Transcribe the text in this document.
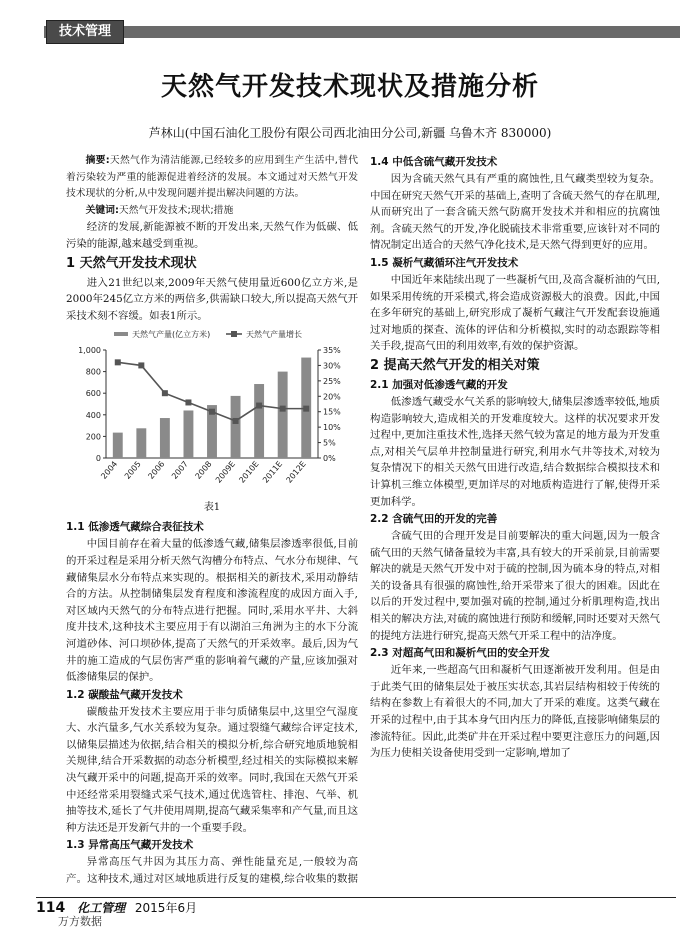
技术管理
天然气开发技术现状及措施分析
芦林山(中国石油化工股份有限公司西北油田分公司,新疆 乌鲁木齐 830000)

摘要:天然气作为清洁能源,已经较多的应用到生产生活中,替代着污染较为严重的能源促进着经济的发展。本文通过对天然气开发技术现状的分析,从中发现问题并提出解决问题的方法。

关键词:天然气开发技术;现状;措施

经济的发展,新能源被不断的开发出来,天然气作为低碳、低污染的能源,越来越受到重视。

1 天然气开发技术现状

进入21世纪以来,2009年天然气使用量近600亿立方米,是2000年245亿立方米的两倍多,供需缺口较大,所以提高天然气开采技术刻不容缓。如表1所示。

0
200
400
600
800
1,000
0%
5%
10%
15%
20%
25%
30%
35%
2004 2005 2006 2007 2008 2009E 2010E 2011E 2012E
天然气产量(亿立方米)	天然气产量增长
表1
1.1 低渗透气藏综合表征技术

中国目前存在着大量的低渗透气藏,储集层渗透率很低,目前的开采过程是采用分析天然气沟槽分布特点、气水分布规律、气藏储集层水分布特点来实现的。根据相关的新技术,采用动静结合的方法。从控制储集层发育程度和渗流程度的成因方面入手,对区域内天然气的分布特点进行把握。同时,采用水平井、大斜度井技术,这种技术主要应用于有以湖泊三角洲为主的水下分流河道砂体、河口坝砂体,提高了天然气的开采效率。最后,因为气井的施工造成的气层伤害严重的影响着气藏的产量,应该加强对低渗储集层的保护。

1.2 碳酸盐气藏开发技术

碳酸盐开发技术主要应用于非匀质储集层中,这里空气湿度大、水汽量多,气水关系较为复杂。通过裂缝气藏综合评定技术,以储集层描述为依据,结合相关的模拟分析,综合研究地质地貌相关规律,结合开采数据的动态分析模型,经过相关的实际模拟来解决气藏开采中的问题,提高开采的效率。同时,我国在天然气开采中还经常采用裂缝式采气技术,通过优选管柱、排泡、气举、机抽等技术,延长了气井使用周期,提高气藏采集率和产气量,而且这种方法还是开发新气井的一个重要手段。

1.3 异常高压气藏开发技术

异常高压气井因为其压力高、弹性能量充足,一般较为高产。这种技术,通过对区域地质进行反复的建模,综合收集的数据

1.4 中低含硫气藏开发技术

因为含硫天然气具有严重的腐蚀性,且气藏类型较为复杂。中国在研究天然气开采的基础上,查明了含硫天然气的存在肌理,从而研究出了一套含硫天然气防腐开发技术并和相应的抗腐蚀剂。含硫天然气的开发,净化脱硫技术非常重要,应该针对不同的情况制定出适合的天然气净化技术,是天然气得到更好的应用。

1.5 凝析气藏循环注气开发技术

中国近年来陆续出现了一些凝析气田,及高含凝析油的气田,如果采用传统的开采模式,将会造成资源极大的浪费。因此,中国在多年研究的基础上,研究形成了凝析气藏注气开发配套设施通过对地质的探查、流体的评估和分析模拟,实时的动态跟踪等相关手段,提高气田的利用效率,有效的保护资源。

2 提高天然气开发的相关对策
2.1 加强对低渗透气藏的开发

低渗透气藏受水气关系的影响较大,储集层渗透率较低,地质构造影响较大,造成相关的开发难度较大。这样的状况要求开发过程中,更加注重技术性,选择天然气较为富足的地方最为开发重点,对相关气层单井控制量进行研究,利用水气井等技术,对较为复杂情况下的相关天然气田进行改造,结合数据综合模拟技术和计算机三维立体模型,更加详尽的对地质构造进行了解,使得开采更加科学。

2.2 含硫气田的开发的完善

含硫气田的合理开发是目前要解决的重大问题,因为一般含硫气田的天然气储备量较为丰富,具有较大的开采前景,目前需要解决的就是天然气开发中对于硫的控制,因为硫本身的特点,对相关的设备具有很强的腐蚀性,给开采带来了很大的困难。因此在以后的开发过程中,要加强对硫的控制,通过分析肌理构造,找出相关的解决方法,对硫的腐蚀进行预防和缓解,同时还要对天然气的提纯方法进行研究,提高天然气开采工程中的洁净度。

2.3 对超高气田和凝析气田的安全开发

近年来,一些超高气田和凝析气田逐渐被开发利用。但是由于此类气田的储集层处于被压实状态,其岩层结构相较于传统的结构在参数上有着很大的不同,加大了开采的难度。这类气藏在开采的过程中,由于其本身气田内压力的降低,直接影响储集层的渗流特征。因此,此类矿井在开采过程中要更注意压力的问题,因为压力使相关设备使用受到一定影响,增加了

114 化工管理 2015年6月
万方数据
